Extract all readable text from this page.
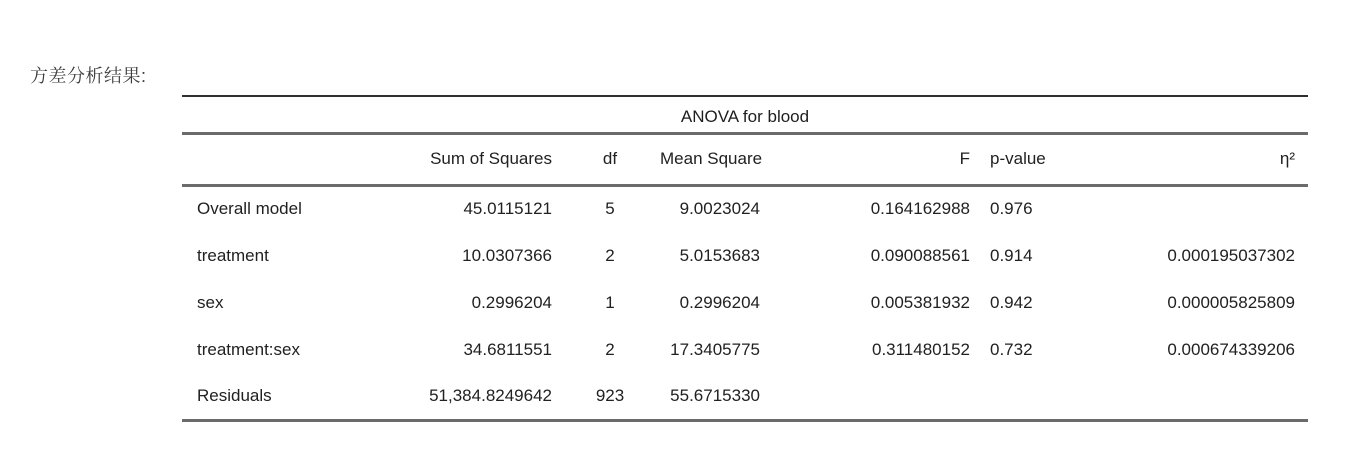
方差分析结果:
ANOVA for blood
	Sum of Squares	df	Mean Square	F	p-value	η²
Overall model	45.0115121	5	9.0023024	0.164162988	0.976	
treatment	10.0307366	2	5.0153683	0.090088561	0.914	0.000195037302
sex	0.2996204	1	0.2996204	0.005381932	0.942	0.000005825809
treatment:sex	34.6811551	2	17.3405775	0.311480152	0.732	0.000674339206
Residuals	51,384.8249642	923	55.6715330			
